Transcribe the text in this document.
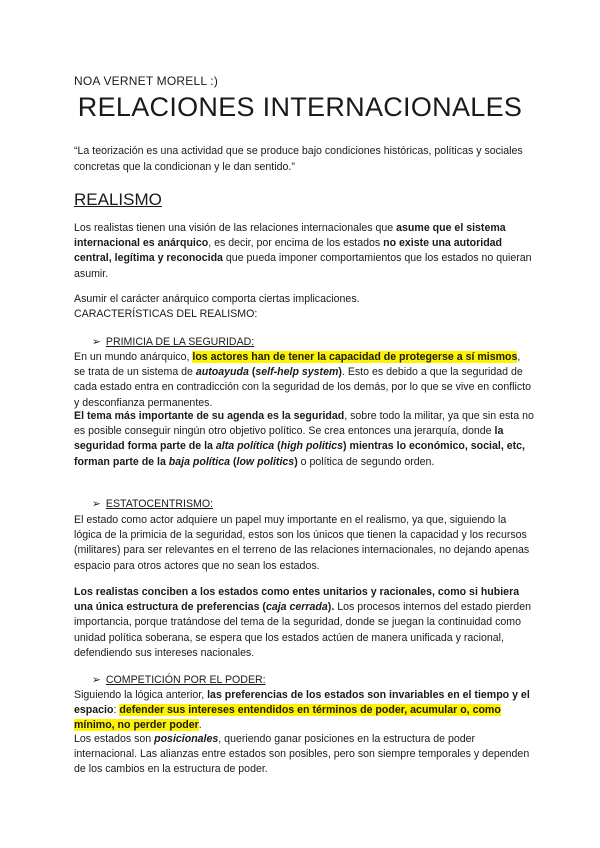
NOA VERNET MORELL :)
RELACIONES INTERNACIONALES
“La teorización es una actividad que se produce bajo condiciones históricas, políticas y sociales concretas que la condicionan y le dan sentido.”
REALISMO

Los realistas tienen una visión de las relaciones internacionales que asume que el sistema internacional es anárquico, es decir, por encima de los estados no existe una autoridad central, legítima y reconocida que pueda imponer comportamientos que los estados no quieran asumir.

Asumir el carácter anárquico comporta ciertas implicaciones.

CARACTERÍSTICAS DEL REALISMO:

➢ PRIMICIA DE LA SEGURIDAD:

En un mundo anárquico, los actores han de tener la capacidad de protegerse a sí mismos, se trata de un sistema de autoayuda (self-help system). Esto es debido a que la seguridad de cada estado entra en contradicción con la seguridad de los demás, por lo que se vive en conflicto y desconfianza permanentes.

El tema más importante de su agenda es la seguridad, sobre todo la militar, ya que sin esta no es posible conseguir ningún otro objetivo político. Se crea entonces una jerarquía, donde la seguridad forma parte de la alta política (high politics) mientras lo económico, social, etc, forman parte de la baja política (low politics) o política de segundo orden.

➢ ESTATOCENTRISMO:

El estado como actor adquiere un papel muy importante en el realismo, ya que, siguiendo la lógica de la primicia de la seguridad, estos son los únicos que tienen la capacidad y los recursos (militares) para ser relevantes en el terreno de las relaciones internacionales, no dejando apenas espacio para otros actores que no sean los estados.

Los realistas conciben a los estados como entes unitarios y racionales, como si hubiera una única estructura de preferencias (caja cerrada). Los procesos internos del estado pierden importancia, porque tratándose del tema de la seguridad, donde se juegan la continuidad como unidad política soberana, se espera que los estados actúen de manera unificada y racional, defendiendo sus intereses nacionales.

➢ COMPETICIÓN POR EL PODER:

Siguiendo la lógica anterior, las preferencias de los estados son invariables en el tiempo y el espacio: defender sus intereses entendidos en términos de poder, acumular o, como mínimo, no perder poder.

Los estados son posicionales, queriendo ganar posiciones en la estructura de poder internacional. Las alianzas entre estados son posibles, pero son siempre temporales y dependen de los cambios en la estructura de poder.
